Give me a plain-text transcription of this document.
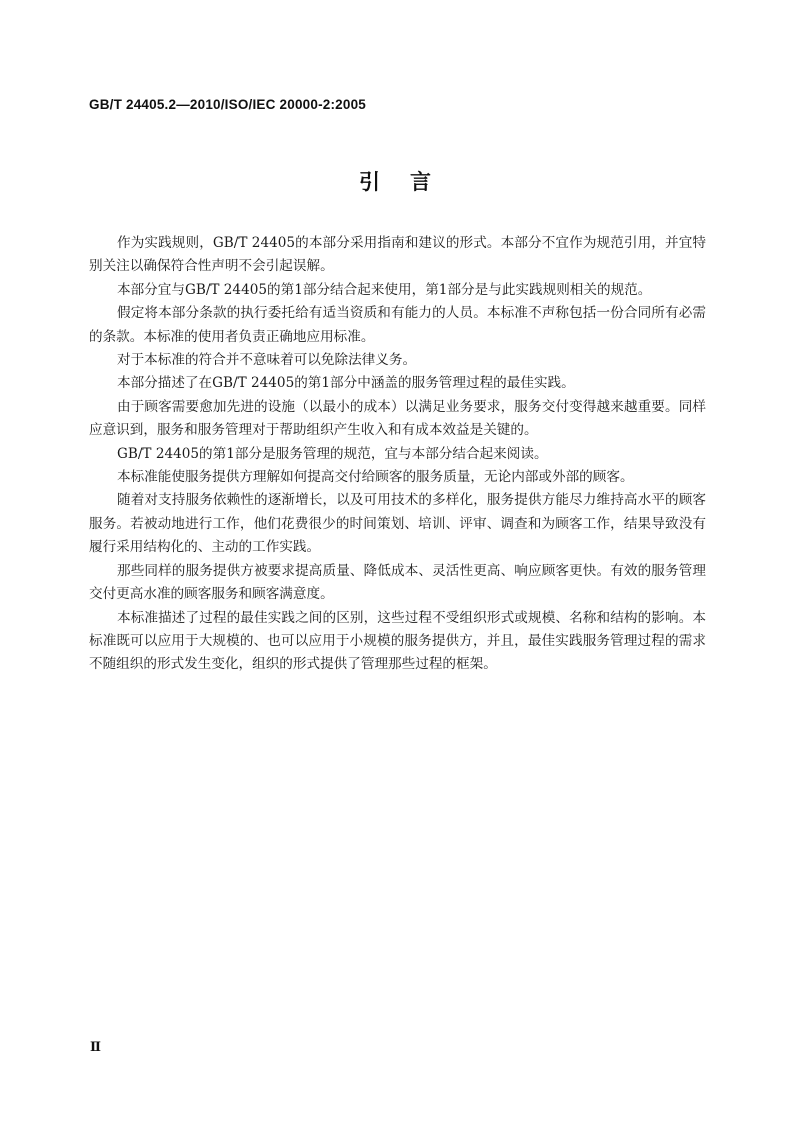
GB/T 24405.2—2010/ISO/IEC 20000-2:2005
引言

作为实践规则，GB/T 24405的本部分采用指南和建议的形式。本部分不宜作为规范引用，并宜特别关注以确保符合性声明不会引起误解。

本部分宜与GB/T 24405的第1部分结合起来使用，第1部分是与此实践规则相关的规范。

假定将本部分条款的执行委托给有适当资质和有能力的人员。本标准不声称包括一份合同所有必需的条款。本标准的使用者负责正确地应用标准。

对于本标准的符合并不意味着可以免除法律义务。

本部分描述了在GB/T 24405的第1部分中涵盖的服务管理过程的最佳实践。

由于顾客需要愈加先进的设施（以最小的成本）以满足业务要求，服务交付变得越来越重要。同样应意识到，服务和服务管理对于帮助组织产生收入和有成本效益是关键的。

GB/T 24405的第1部分是服务管理的规范，宜与本部分结合起来阅读。

本标准能使服务提供方理解如何提高交付给顾客的服务质量，无论内部或外部的顾客。

随着对支持服务依赖性的逐渐增长，以及可用技术的多样化，服务提供方能尽力维持高水平的顾客服务。若被动地进行工作，他们花费很少的时间策划、培训、评审、调查和为顾客工作，结果导致没有履行采用结构化的、主动的工作实践。

那些同样的服务提供方被要求提高质量、降低成本、灵活性更高、响应顾客更快。有效的服务管理交付更高水准的顾客服务和顾客满意度。

本标准描述了过程的最佳实践之间的区别，这些过程不受组织形式或规模、名称和结构的影响。本标准既可以应用于大规模的、也可以应用于小规模的服务提供方，并且，最佳实践服务管理过程的需求不随组织的形式发生变化，组织的形式提供了管理那些过程的框架。

Ⅱ
